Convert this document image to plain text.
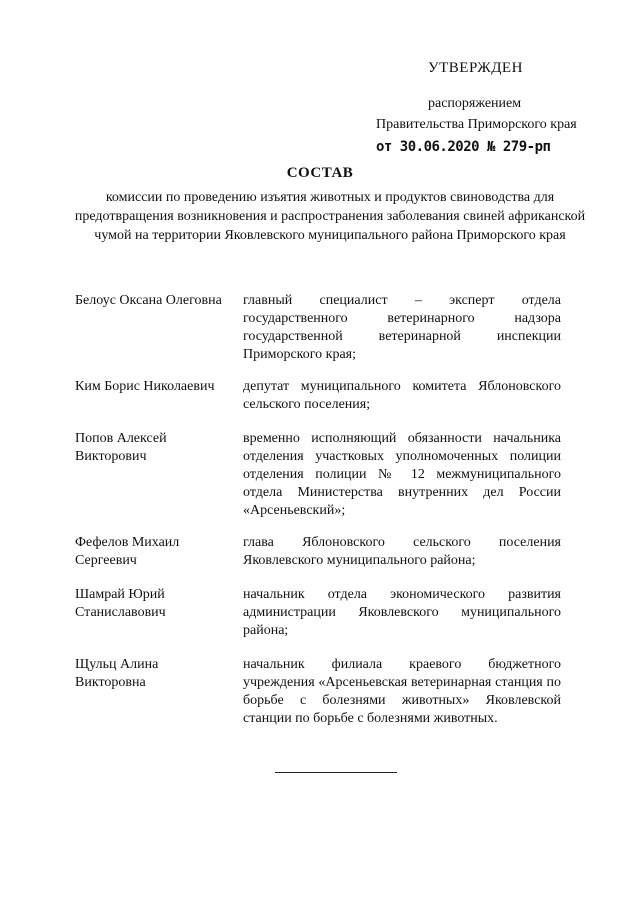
УТВЕРЖДЕН
распоряжением
Правительства Приморского края
от 30.06.2020 № 279-рп
СОСТАВ
комиссии по проведению изъятия животных и продуктов свиноводства для предотвращения возникновения и распространения заболевания свиней африканской чумой на территории Яковлевского муниципального района Приморского края
Белоус Оксана Олеговна главный специалист – эксперт отдела государственного ветеринарного надзора государственной ветеринарной инспекции Приморского края;
Ким Борис Николаевич	депутат муниципального комитета Яблоновского сельского поселения;
Попов Алексей Викторович
временно исполняющий обязанности начальника отделения участковых уполномоченных полиции отделения полиции № 12 межмуниципального отдела Министерства внутренних дел России «Арсеньевский»;
Фефелов Михаил Сергеевич
глава Яблоновского сельского поселения Яковлевского муниципального района;
Шамрай Юрий Станиславович
начальник отдела экономического развития администрации Яковлевского муниципального района;
Щульц Алина Викторовна
начальник филиала краевого бюджетного учреждения «Арсеньевская ветеринарная станция по борьбе с болезнями животных» Яковлевской станции по борьбе с болезнями животных.
